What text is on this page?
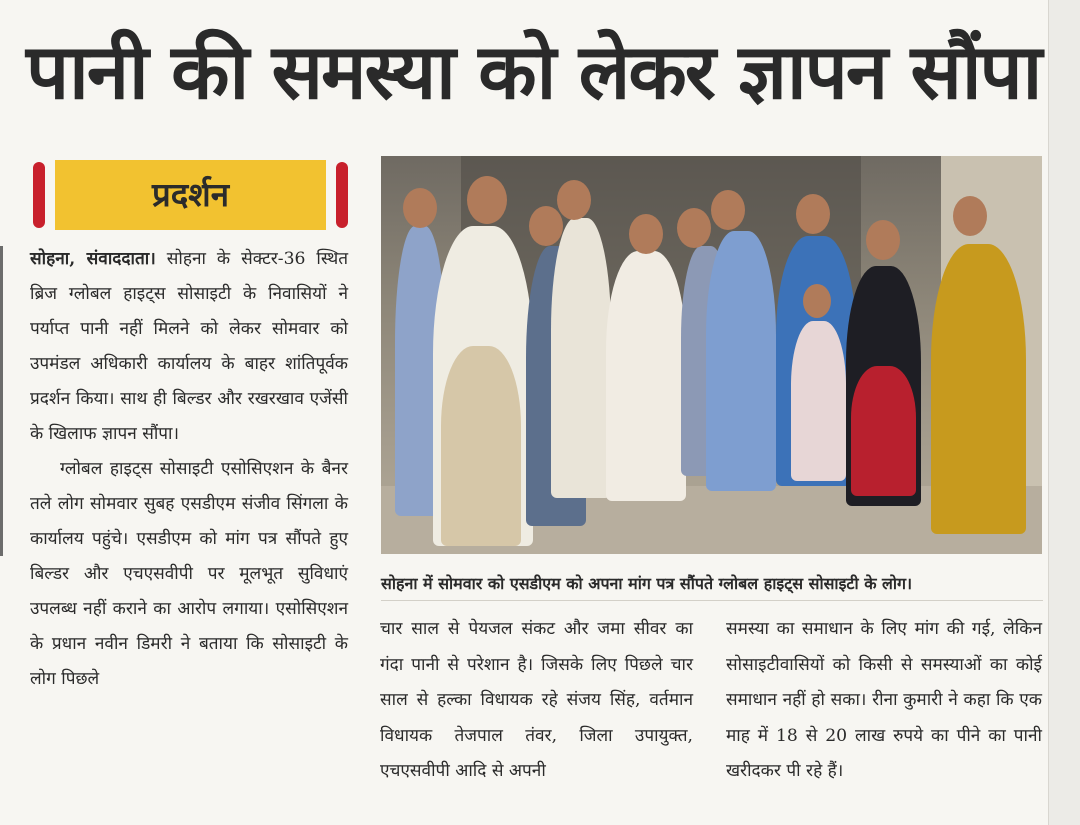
पानी की समस्या को लेकर ज्ञापन सौंपा
प्रदर्शन

सोहना, संवाददाता। सोहना के सेक्टर-36 स्थित ब्रिज ग्लोबल हाइट्स सोसाइटी के निवासियों ने पर्याप्त पानी नहीं मिलने को लेकर सोमवार को उपमंडल अधिकारी कार्यालय के बाहर शांतिपूर्वक प्रदर्शन किया। साथ ही बिल्डर और रखरखाव एजेंसी के खिलाफ ज्ञापन सौंपा।

ग्लोबल हाइट्स सोसाइटी एसोसिएशन के बैनर तले लोग सोमवार सुबह एसडीएम संजीव सिंगला के कार्यालय पहुंचे। एसडीएम को मांग पत्र सौंपते हुए बिल्डर और एचएसवीपी पर मूलभूत सुविधाएं उपलब्ध नहीं कराने का आरोप लगाया। एसोसिएशन के प्रधान नवीन डिमरी ने बताया कि सोसाइटी के लोग पिछले

सोहना में सोमवार को एसडीएम को अपना मांग पत्र सौंपते ग्लोबल हाइट्स सोसाइटी के लोग।

चार साल से पेयजल संकट और जमा सीवर का गंदा पानी से परेशान है। जिसके लिए पिछले चार साल से हल्का विधायक रहे संजय सिंह, वर्तमान विधायक तेजपाल तंवर, जिला उपायुक्त, एचएसवीपी आदि से अपनी

समस्या का समाधान के लिए मांग की गई, लेकिन सोसाइटीवासियों को किसी से समस्याओं का कोई समाधान नहीं हो सका। रीना कुमारी ने कहा कि एक माह में 18 से 20 लाख रुपये का पीने का पानी खरीदकर पी रहे हैं।
